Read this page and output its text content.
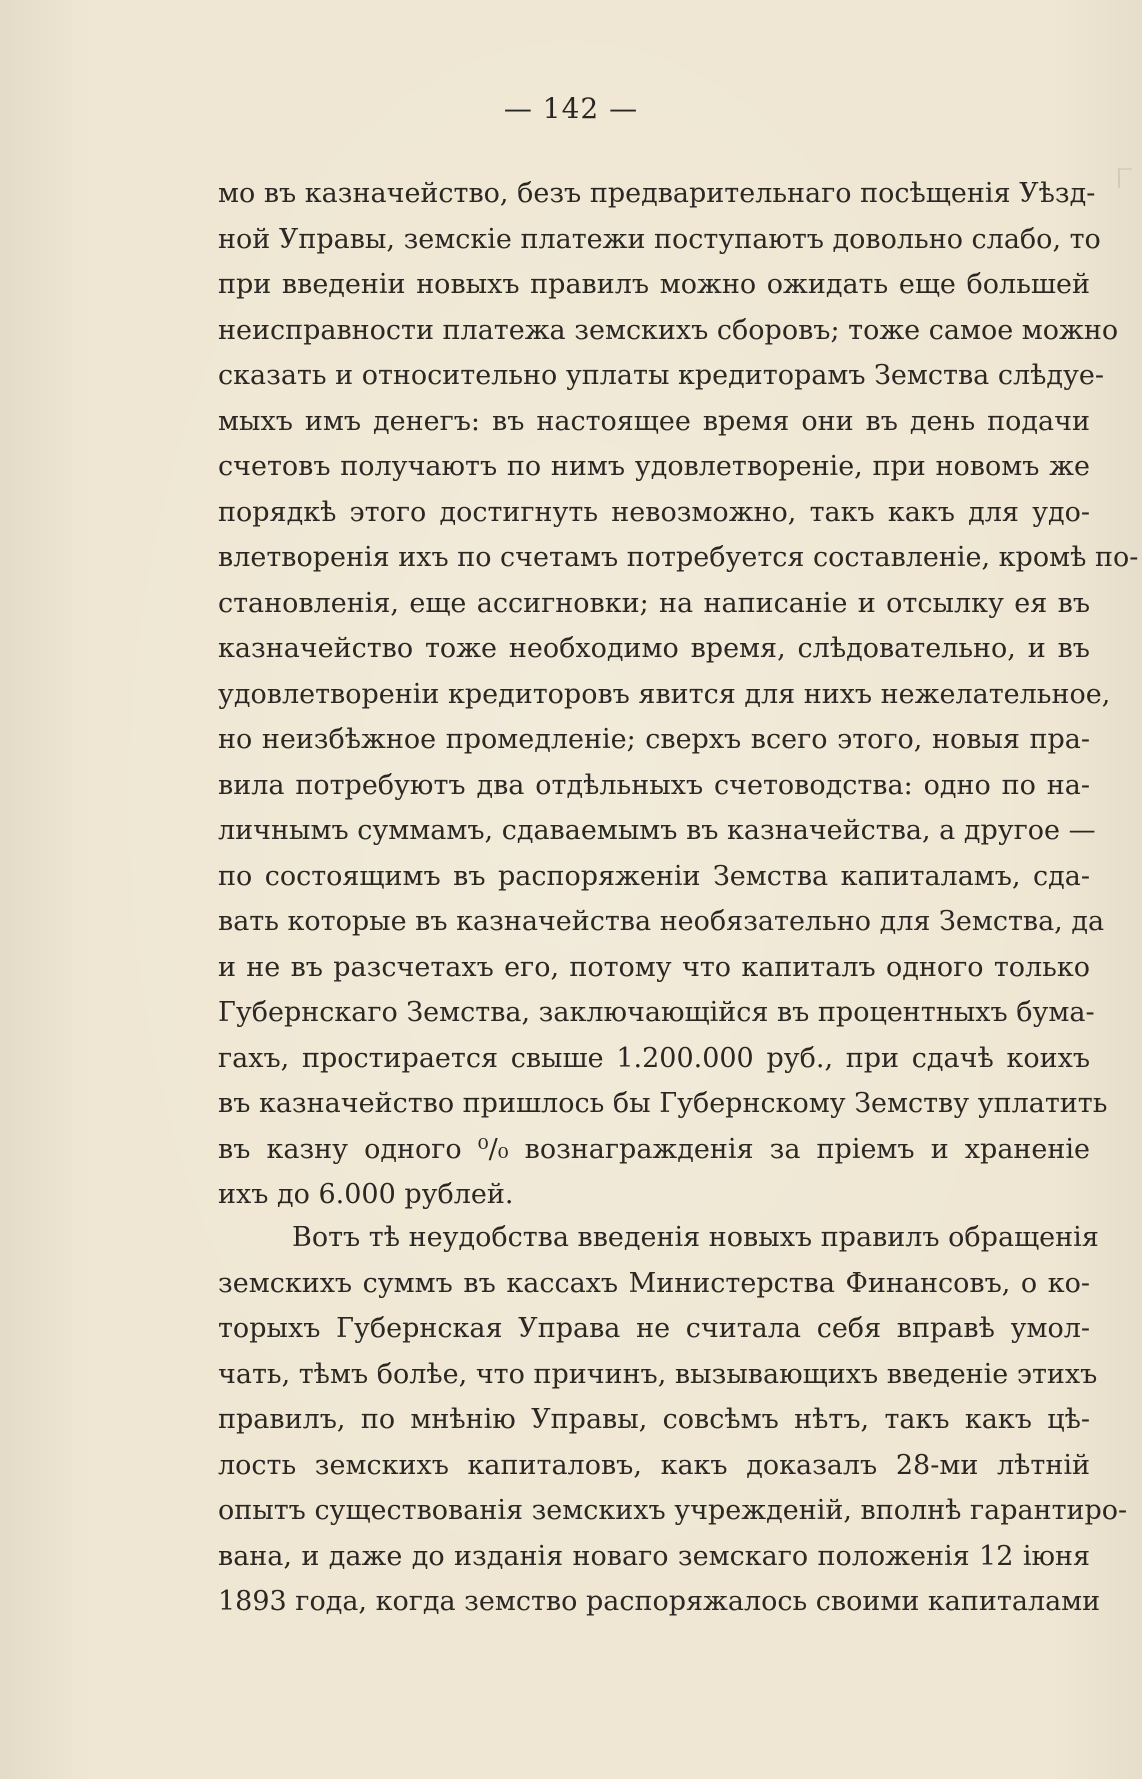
— 142 —
мо въ казначейство, безъ предварительнаго посѣщенія Уѣзд-
ной Управы, земскіе платежи поступаютъ довольно слабо, то
при введеніи новыхъ правилъ можно ожидать еще большей
неисправности платежа земскихъ сборовъ; тоже самое можно
сказать и относительно уплаты кредиторамъ Земства слѣдуе-
мыхъ имъ денегъ: въ настоящее время они въ день подачи
счетовъ получаютъ по нимъ удовлетвореніе, при новомъ же
порядкѣ этого достигнуть невозможно, такъ какъ для удо-
влетворенія ихъ по счетамъ потребуется составленіе, кромѣ по-
становленія, еще ассигновки; на написаніе и отсылку ея въ
казначейство тоже необходимо время, слѣдовательно, и въ
удовлетвореніи кредиторовъ явится для нихъ нежелательное,
но неизбѣжное промедленіе; сверхъ всего этого, новыя пра-
вила потребуютъ два отдѣльныхъ счетоводства: одно по на-
личнымъ суммамъ, сдаваемымъ въ казначейства, а другое —
по состоящимъ въ распоряженіи Земства капиталамъ, сда-
вать которые въ казначейства необязательно для Земства, да
и не въ разсчетахъ его, потому что капиталъ одного только
Губернскаго Земства, заключающійся въ процентныхъ бума-
гахъ, простирается свыше 1.200.000 руб., при сдачѣ коихъ
въ казначейство пришлось бы Губернскому Земству уплатить
въ казну одного ⁰/₀ вознагражденія за пріемъ и храненіе
ихъ до 6.000 рублей.
Вотъ тѣ неудобства введенія новыхъ правилъ обращенія
земскихъ суммъ въ кассахъ Министерства Финансовъ, о ко-
торыхъ Губернская Управа не считала себя вправѣ умол-
чать, тѣмъ болѣе, что причинъ, вызывающихъ введеніе этихъ
правилъ, по мнѣнію Управы, совсѣмъ нѣтъ, такъ какъ цѣ-
лость земскихъ капиталовъ, какъ доказалъ 28-ми лѣтній
опытъ существованія земскихъ учрежденій, вполнѣ гарантиро-
вана, и даже до изданія новаго земскаго положенія 12 іюня
1893 года, когда земство распоряжалось своими капиталами
